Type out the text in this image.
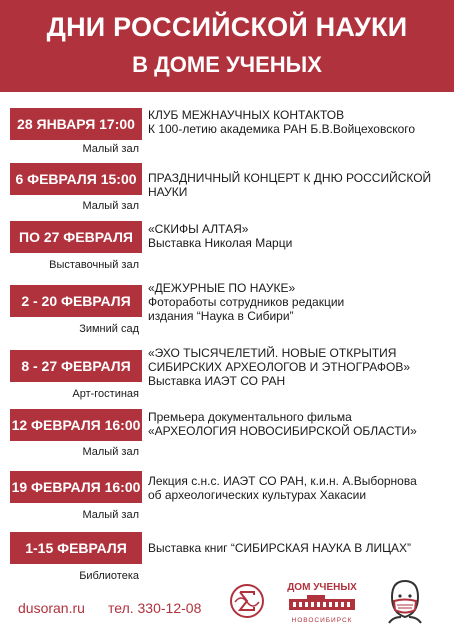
ДНИ РОССИЙСКОЙ НАУКИ
В ДОМЕ УЧЕНЫХ
28 ЯНВАРЯ 17:00
КЛУБ МЕЖНАУЧНЫХ КОНТАКТОВ
К 100-летию академика РАН Б.В.Войцеховского
Малый зал
6 ФЕВРАЛЯ 15:00 ПРАЗДНИЧНЫЙ КОНЦЕРТ К ДНЮ РОССИЙСКОЙ НАУКИ
Малый зал
ПО 27 ФЕВРАЛЯ	«СКИФЫ АЛТАЯ»
Выставка Николая Марци
Выставочный зал
2 - 20 ФЕВРАЛЯ
«ДЕЖУРНЫЕ ПО НАУКЕ»
Фотоработы сотрудников редакции
издания “Наука в Сибири”
Зимний сад
8 - 27 ФЕВРАЛЯ
«ЭХО ТЫСЯЧЕЛЕТИЙ. НОВЫЕ ОТКРЫТИЯ
СИБИРСКИХ АРХЕОЛОГОВ И ЭТНОГРАФОВ»
Выставка ИАЭТ СО РАН
Арт-гостиная
12 ФЕВРАЛЯ 16:00 Премьера документального фильма
«АРХЕОЛОГИЯ НОВОСИБИРСКОЙ ОБЛАСТИ»
Малый зал
19 ФЕВРАЛЯ 16:00 Лекция с.н.с. ИАЭТ СО РАН, к.и.н. А.Выборнова
об археологических культурах Хакасии
Малый зал
1-15 ФЕВРАЛЯ	Выставка книг “СИБИРСКАЯ НАУКА В ЛИЦАХ”
Библиотека
dusoran.ru тел. 330-12-08
ДОМ УЧЕНЫХ
НОВОСИБИРСК
